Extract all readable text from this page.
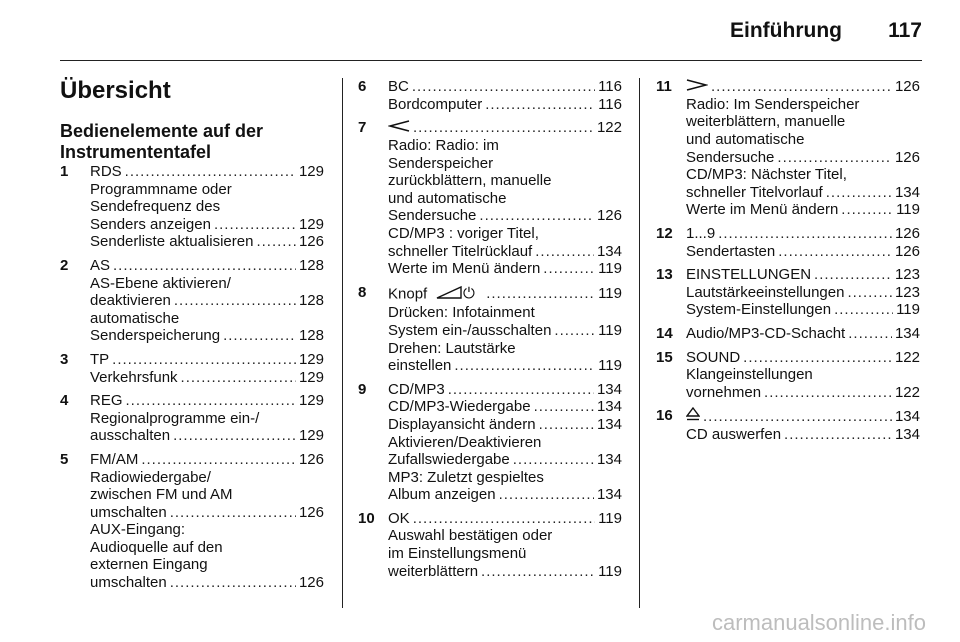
Einführung 117
Übersicht
Bedienelemente auf der Instrumententafel
1	RDS .....	129
Programmname oder
Sendefrequenz des
Senders anzeigen .....	129
Senderliste aktualisieren .....	126
2	AS .....	128
AS-Ebene aktivieren/
deaktivieren .....	128
automatische
Senderspeicherung .....	128
3	TP .....	129
Verkehrsfunk .....	129
4	REG .....	129
Regionalprogramme ein-/
ausschalten .....	129
5	FM/AM .....	126
Radiowiedergabe/
zwischen FM und AM
umschalten .....	126
AUX-Eingang:
Audioquelle auf den
externen Eingang
umschalten .....	126
6	BC .....	116
Bordcomputer .....	116
7 .....	122
Radio: Radio: im
Senderspeicher
zurückblättern, manuelle
und automatische
Sendersuche .....	126
CD/MP3 : voriger Titel,
schneller Titelrücklauf .....	134
Werte im Menü ändern .....	119
8	Knopf ⏻ .....	119
Drücken: Infotainment
System ein-/ausschalten .....	119
Drehen: Lautstärke
einstellen .....	119
9	CD/MP3 .....	134
CD/MP3-Wiedergabe .....	134
Displayansicht ändern .....	134
Aktivieren/Deaktivieren
Zufallswiedergabe .....	134
MP3: Zuletzt gespieltes
Album anzeigen .....	134
10 OK .....	119
Auswahl bestätigen oder
im Einstellungsmenü
weiterblättern .....	119
11 .....	126
Radio: Im Senderspeicher
weiterblättern, manuelle
und automatische
Sendersuche .....	126
CD/MP3: Nächster Titel,
schneller Titelvorlauf .....	134
Werte im Menü ändern .....	119
12 1...9 .....	126
Sendertasten .....	126
13 EINSTELLUNGEN .....	123
Lautstärkeeinstellungen .....	123
System-Einstellungen .....	119
14 Audio/MP3-CD-Schacht .....	134
15 SOUND .....	122
Klangeinstellungen
vornehmen .....	122
16 .....	134
CD auswerfen .....	134
carmanualsonline.info
